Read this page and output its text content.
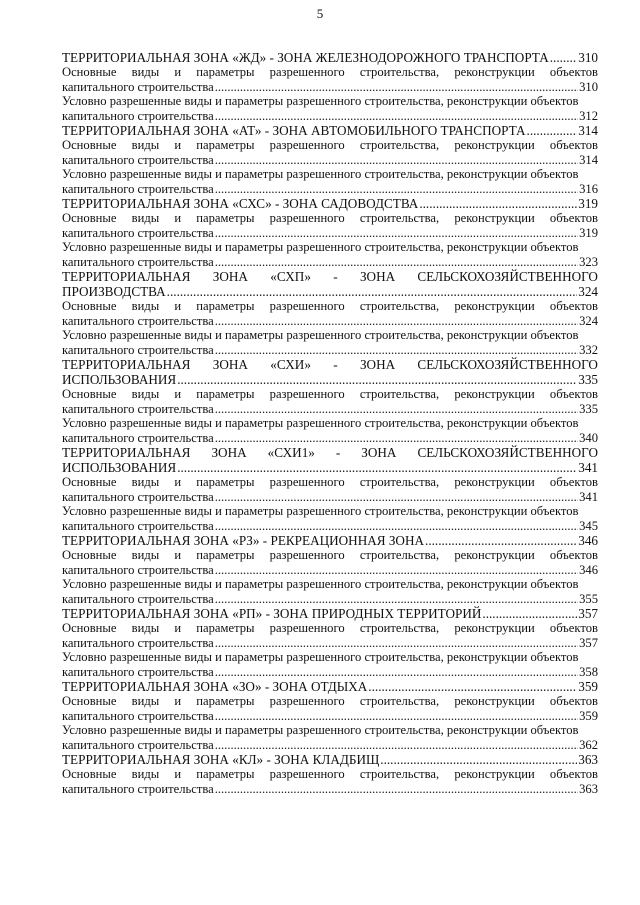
5
ТЕРРИТОРИАЛЬНАЯ ЗОНА «ЖД» - ЗОНА ЖЕЛЕЗНОДОРОЖНОГО ТРАНСПОРТА ..... 310
Основные виды и параметры разрешенного строительства, реконструкции объектов
капитального строительства .....	310
Условно разрешенные виды и параметры разрешенного строительства, реконструкции объектов
капитального строительства .....	312
ТЕРРИТОРИАЛЬНАЯ ЗОНА «АТ» - ЗОНА АВТОМОБИЛЬНОГО ТРАНСПОРТА .....	314
Основные виды и параметры разрешенного строительства, реконструкции объектов
капитального строительства .....	314
Условно разрешенные виды и параметры разрешенного строительства, реконструкции объектов
капитального строительства .....	316
ТЕРРИТОРИАЛЬНАЯ ЗОНА «СХС» - ЗОНА САДОВОДСТВА .....	319
Основные виды и параметры разрешенного строительства, реконструкции объектов
капитального строительства .....	319
Условно разрешенные виды и параметры разрешенного строительства, реконструкции объектов
капитального строительства .....	323
ТЕРРИТОРИАЛЬНАЯ ЗОНА «СХП» - ЗОНА СЕЛЬСКОХОЗЯЙСТВЕННОГО
ПРОИЗВОДСТВА .....	324
Основные виды и параметры разрешенного строительства, реконструкции объектов
капитального строительства .....	324
Условно разрешенные виды и параметры разрешенного строительства, реконструкции объектов
капитального строительства .....	332
ТЕРРИТОРИАЛЬНАЯ ЗОНА «СХИ» - ЗОНА СЕЛЬСКОХОЗЯЙСТВЕННОГО
ИСПОЛЬЗОВАНИЯ .....	335
Основные виды и параметры разрешенного строительства, реконструкции объектов
капитального строительства .....	335
Условно разрешенные виды и параметры разрешенного строительства, реконструкции объектов
капитального строительства .....	340
ТЕРРИТОРИАЛЬНАЯ ЗОНА «СХИ1» - ЗОНА СЕЛЬСКОХОЗЯЙСТВЕННОГО
ИСПОЛЬЗОВАНИЯ .....	341
Основные виды и параметры разрешенного строительства, реконструкции объектов
капитального строительства .....	341
Условно разрешенные виды и параметры разрешенного строительства, реконструкции объектов
капитального строительства .....	345
ТЕРРИТОРИАЛЬНАЯ ЗОНА «РЗ» - РЕКРЕАЦИОННАЯ ЗОНА .....	346
Основные виды и параметры разрешенного строительства, реконструкции объектов
капитального строительства .....	346
Условно разрешенные виды и параметры разрешенного строительства, реконструкции объектов
капитального строительства .....	355
ТЕРРИТОРИАЛЬНАЯ ЗОНА «РП» - ЗОНА ПРИРОДНЫХ ТЕРРИТОРИЙ .....	357
Основные виды и параметры разрешенного строительства, реконструкции объектов
капитального строительства .....	357
Условно разрешенные виды и параметры разрешенного строительства, реконструкции объектов
капитального строительства .....	358
ТЕРРИТОРИАЛЬНАЯ ЗОНА «ЗО» - ЗОНА ОТДЫХА .....	359
Основные виды и параметры разрешенного строительства, реконструкции объектов
капитального строительства .....	359
Условно разрешенные виды и параметры разрешенного строительства, реконструкции объектов
капитального строительства .....	362
ТЕРРИТОРИАЛЬНАЯ ЗОНА «КЛ» - ЗОНА КЛАДБИЩ .....	363
Основные виды и параметры разрешенного строительства, реконструкции объектов
капитального строительства .....	363
